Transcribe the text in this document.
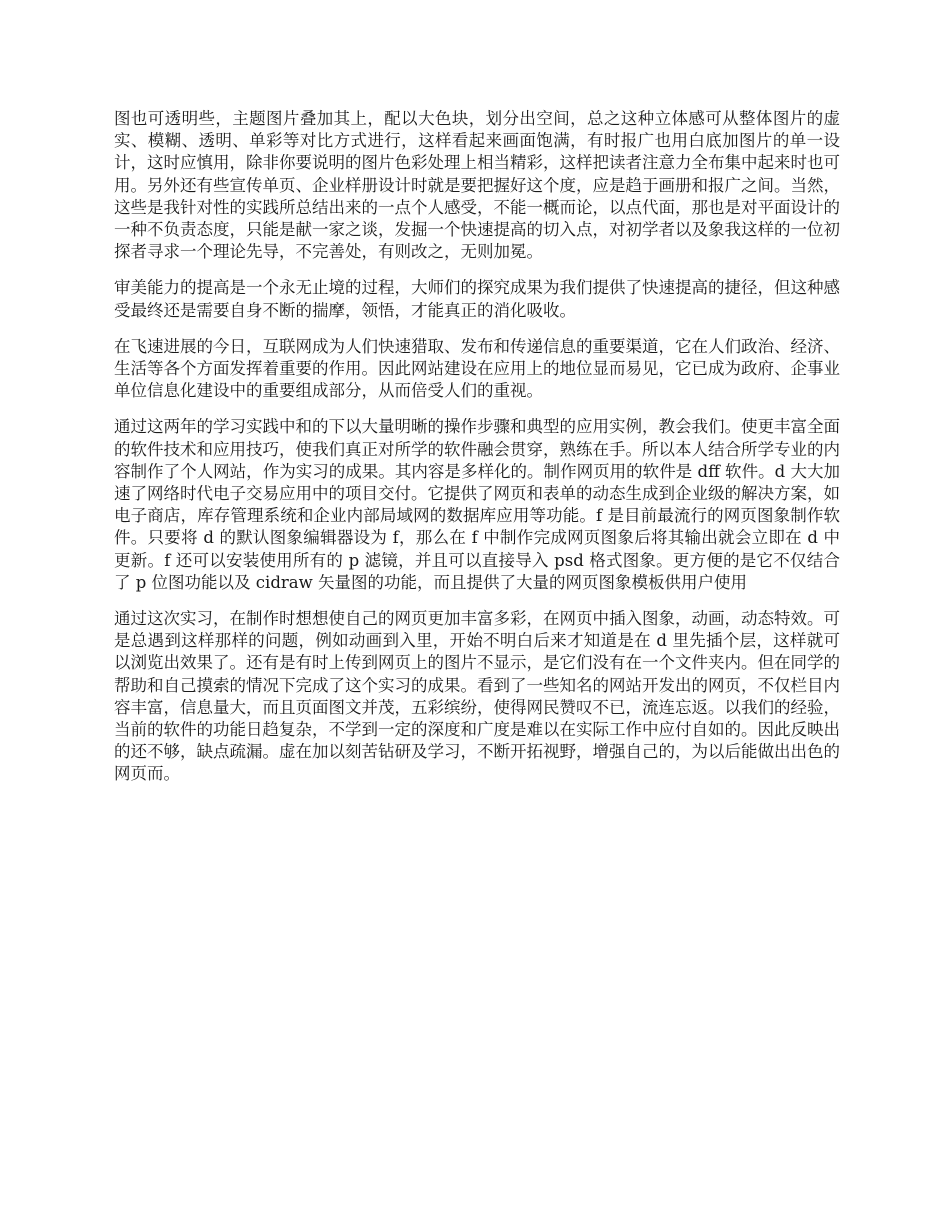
图也可透明些，主题图片叠加其上，配以大色块，划分出空间，总之这种立体感可从整体图片的虚实、模糊、透明、单彩等对比方式进行，这样看起来画面饱满，有时报广也用白底加图片的单一设计，这时应慎用，除非你要说明的图片色彩处理上相当精彩，这样把读者注意力全布集中起来时也可用。另外还有些宣传单页、企业样册设计时就是要把握好这个度，应是趋于画册和报广之间。当然，这些是我针对性的实践所总结出来的一点个人感受，不能一概而论，以点代面，那也是对平面设计的一种不负责态度，只能是献一家之谈，发掘一个快速提高的切入点，对初学者以及象我这样的一位初探者寻求一个理论先导，不完善处，有则改之，无则加冕。

审美能力的提高是一个永无止境的过程，大师们的探究成果为我们提供了快速提高的捷径，但这种感受最终还是需要自身不断的揣摩，领悟，才能真正的消化吸收。

在飞速进展的今日，互联网成为人们快速猎取、发布和传递信息的重要渠道，它在人们政治、经济、生活等各个方面发挥着重要的作用。因此网站建设在应用上的地位显而易见，它已成为政府、企事业单位信息化建设中的重要组成部分，从而倍受人们的重视。

通过这两年的学习实践中和的下以大量明晰的操作步骤和典型的应用实例，教会我们。使更丰富全面的软件技术和应用技巧，使我们真正对所学的软件融会贯穿，熟练在手。所以本人结合所学专业的内容制作了个人网站，作为实习的成果。其内容是多样化的。制作网页用的软件是 dff 软件。d 大大加速了网络时代电子交易应用中的项目交付。它提供了网页和表单的动态生成到企业级的解决方案，如电子商店，库存管理系统和企业内部局域网的数据库应用等功能。f 是目前最流行的网页图象制作软件。只要将 d 的默认图象编辑器设为 f，那么在 f 中制作完成网页图象后将其输出就会立即在 d 中更新。f 还可以安装使用所有的 p 滤镜，并且可以直接导入 psd 格式图象。更方便的是它不仅结合了 p 位图功能以及 cidraw 矢量图的功能，而且提供了大量的网页图象模板供用户使用

通过这次实习，在制作时想想使自己的网页更加丰富多彩，在网页中插入图象，动画，动态特效。可是总遇到这样那样的问题，例如动画到入里，开始不明白后来才知道是在 d 里先插个层，这样就可以浏览出效果了。还有是有时上传到网页上的图片不显示，是它们没有在一个文件夹内。但在同学的帮助和自己摸索的情况下完成了这个实习的成果。看到了一些知名的网站开发出的网页，不仅栏目内容丰富，信息量大，而且页面图文并茂，五彩缤纷，使得网民赞叹不已，流连忘返。以我们的经验，当前的软件的功能日趋复杂，不学到一定的深度和广度是难以在实际工作中应付自如的。因此反映出的还不够，缺点疏漏。虚在加以刻苦钻研及学习，不断开拓视野，增强自己的，为以后能做出出色的网页而。
